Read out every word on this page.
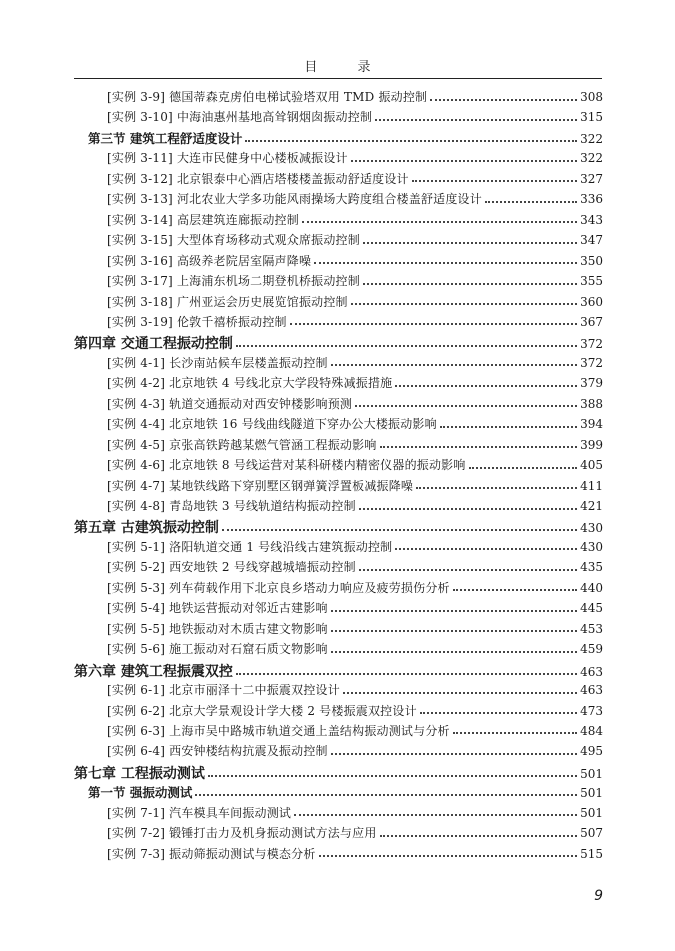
目 录
[实例 3-9] 德国蒂森克虏伯电梯试验塔双用 TMD 振动控制	308
[实例 3-10] 中海油惠州基地高耸钢烟囱振动控制	315
第三节 建筑工程舒适度设计	322
[实例 3-11] 大连市民健身中心楼板减振设计	322
[实例 3-12] 北京银泰中心酒店塔楼楼盖振动舒适度设计	327
[实例 3-13] 河北农业大学多功能风雨操场大跨度组合楼盖舒适度设计	336
[实例 3-14] 高层建筑连廊振动控制	343
[实例 3-15] 大型体育场移动式观众席振动控制	347
[实例 3-16] 高级养老院居室隔声降噪	350
[实例 3-17] 上海浦东机场二期登机桥振动控制	355
[实例 3-18] 广州亚运会历史展览馆振动控制	360
[实例 3-19] 伦敦千禧桥振动控制	367
第四章 交通工程振动控制	372
[实例 4-1] 长沙南站候车层楼盖振动控制	372
[实例 4-2] 北京地铁 4 号线北京大学段特殊减振措施	379
[实例 4-3] 轨道交通振动对西安钟楼影响预测	388
[实例 4-4] 北京地铁 16 号线曲线隧道下穿办公大楼振动影响	394
[实例 4-5] 京张高铁跨越某燃气管涵工程振动影响	399
[实例 4-6] 北京地铁 8 号线运营对某科研楼内精密仪器的振动影响	405
[实例 4-7] 某地铁线路下穿别墅区钢弹簧浮置板减振降噪	411
[实例 4-8] 青岛地铁 3 号线轨道结构振动控制	421
第五章 古建筑振动控制	430
[实例 5-1] 洛阳轨道交通 1 号线沿线古建筑振动控制	430
[实例 5-2] 西安地铁 2 号线穿越城墙振动控制	435
[实例 5-3] 列车荷载作用下北京良乡塔动力响应及疲劳损伤分析	440
[实例 5-4] 地铁运营振动对邻近古建影响	445
[实例 5-5] 地铁振动对木质古建文物影响	453
[实例 5-6] 施工振动对石窟石质文物影响	459
第六章 建筑工程振震双控	463
[实例 6-1] 北京市丽泽十二中振震双控设计	463
[实例 6-2] 北京大学景观设计学大楼 2 号楼振震双控设计	473
[实例 6-3] 上海市吴中路城市轨道交通上盖结构振动测试与分析	484
[实例 6-4] 西安钟楼结构抗震及振动控制	495
第七章 工程振动测试	501
第一节 强振动测试	501
[实例 7-1] 汽车模具车间振动测试	501
[实例 7-2] 锻锤打击力及机身振动测试方法与应用	507
[实例 7-3] 振动筛振动测试与模态分析	515
9
